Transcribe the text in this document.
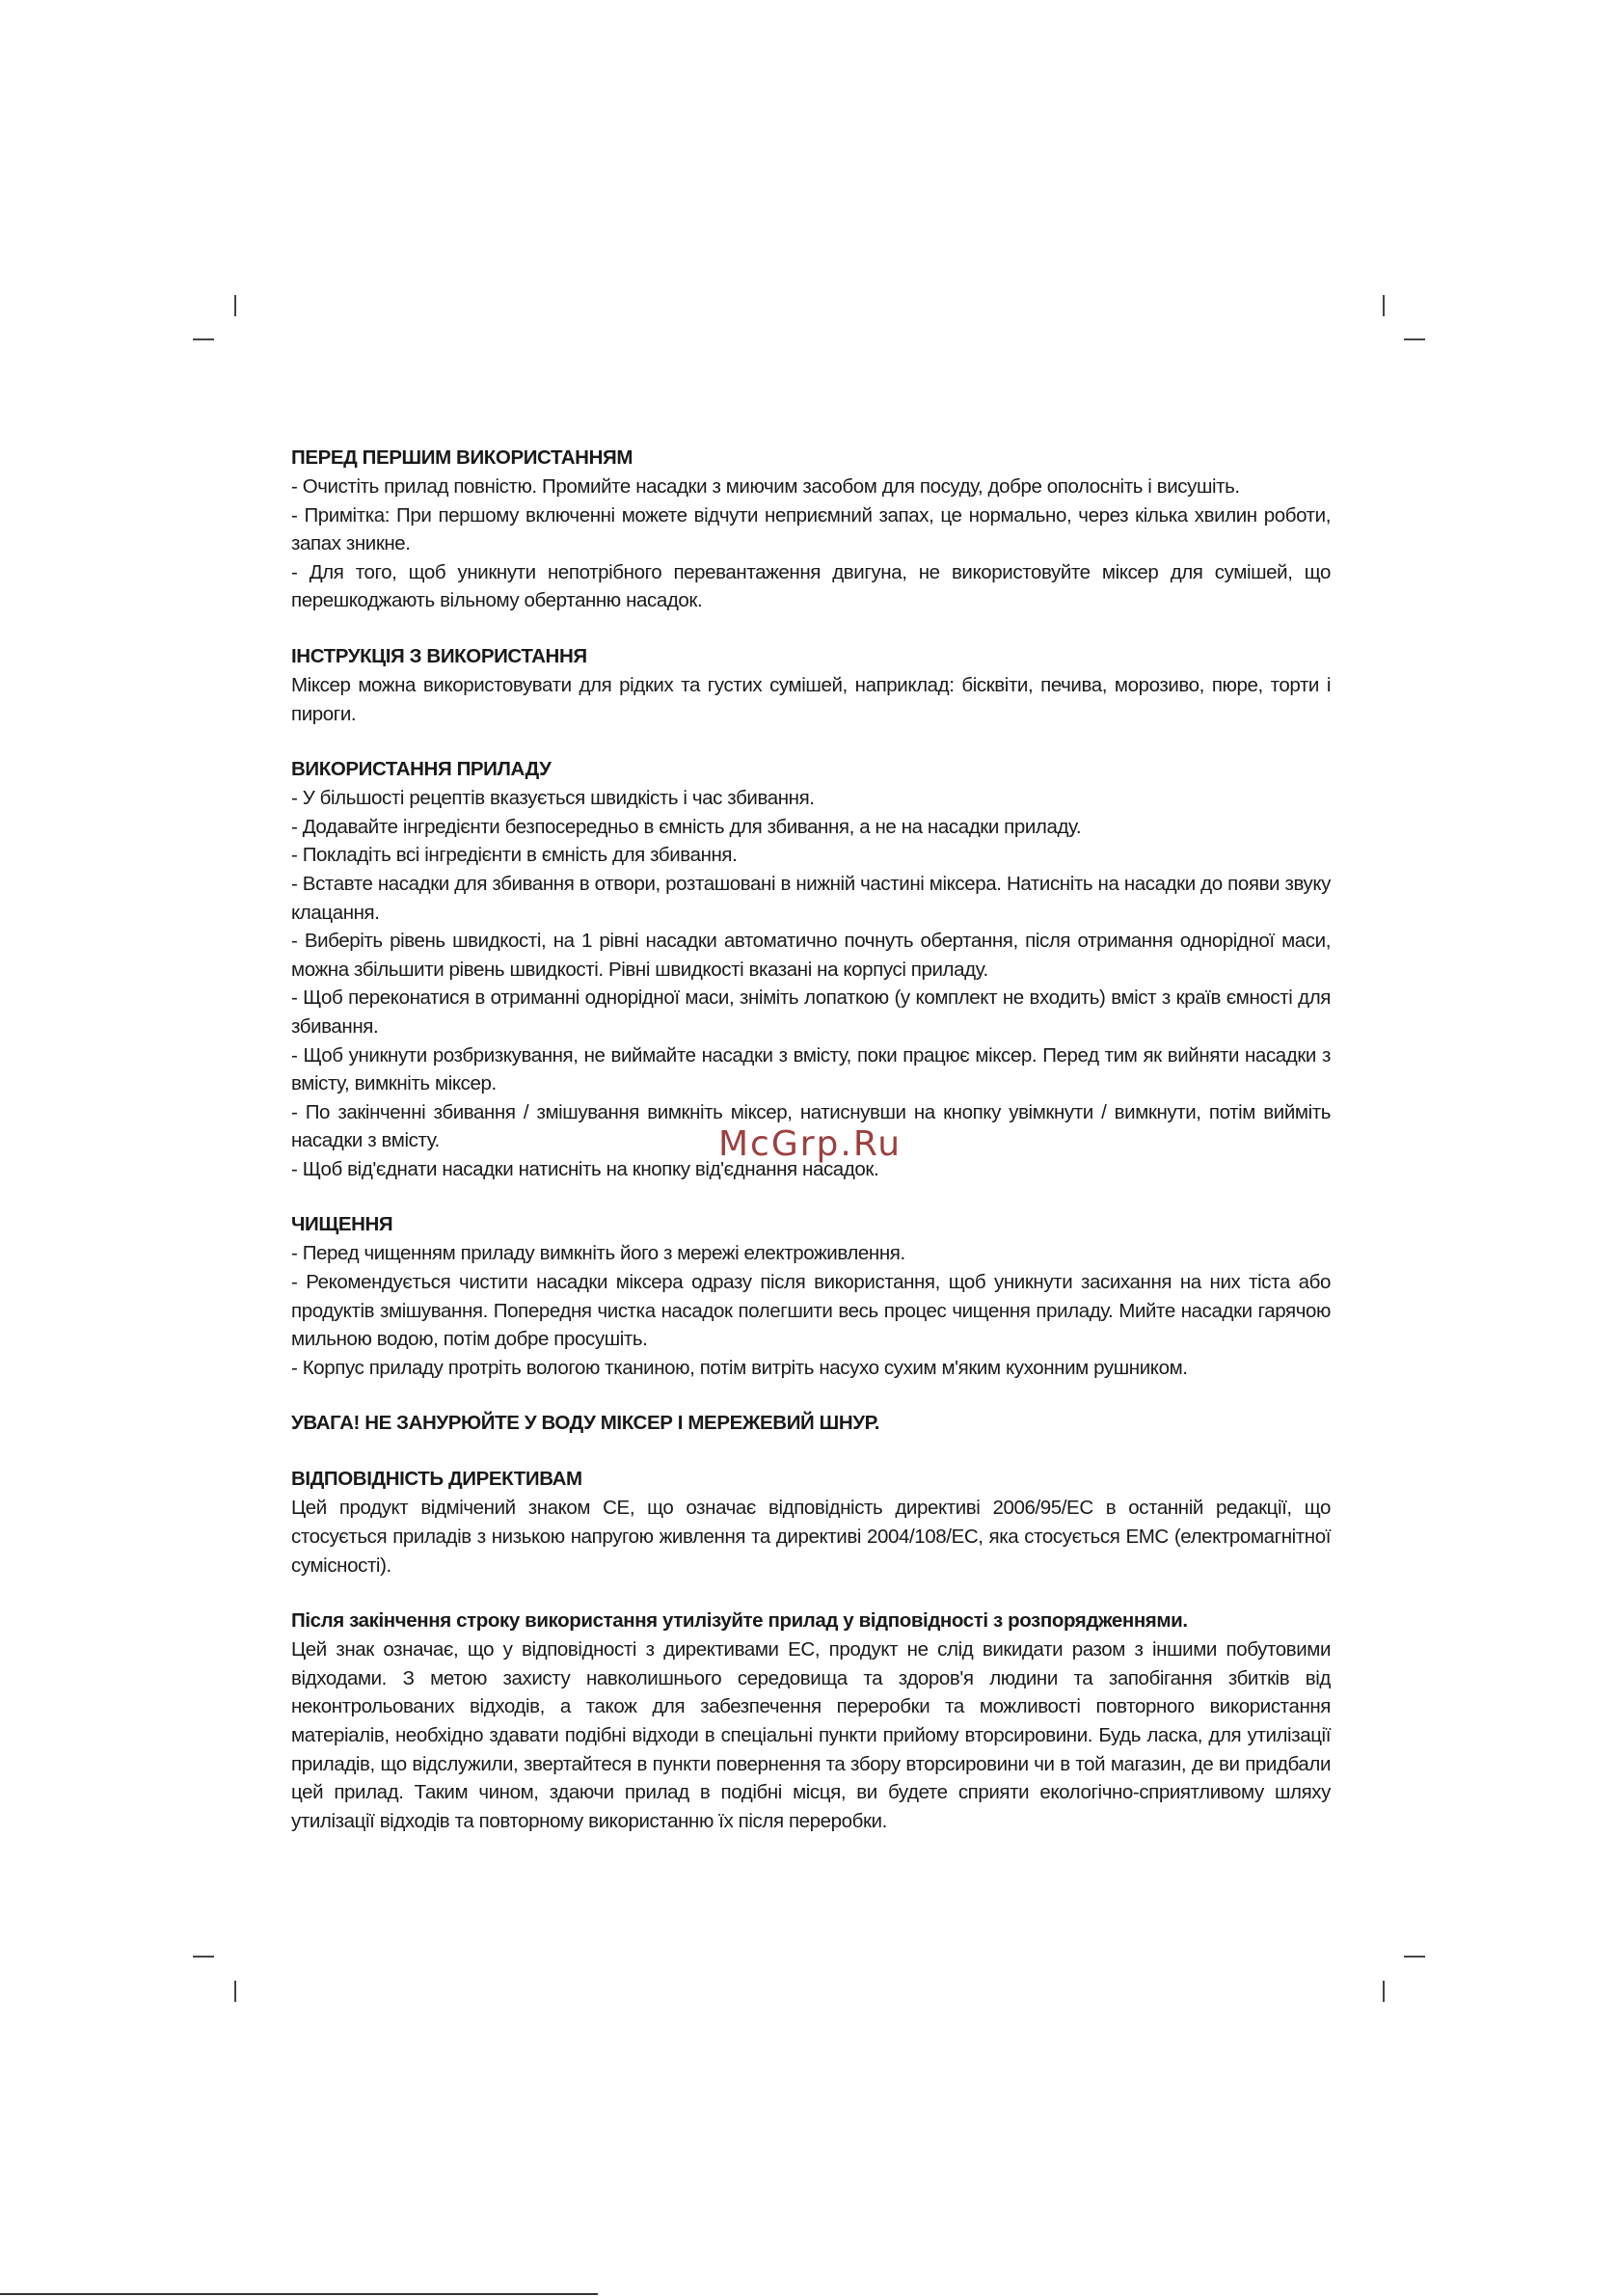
ПЕРЕД ПЕРШИМ ВИКОРИСТАННЯМ

- Очистіть прилад повністю. Промийте насадки з миючим засобом для посуду, добре ополосніть і висушіть.

- Примітка: При першому включенні можете відчути неприємний запах, це нормально, через кілька хвилин роботи, запах зникне.

- Для того, щоб уникнути непотрібного перевантаження двигуна, не використовуйте міксер для сумішей, що перешкоджають вільному обертанню насадок.

ІНСТРУКЦІЯ З ВИКОРИСТАННЯ

Міксер можна використовувати для рідких та густих сумішей, наприклад: бісквіти, печива, морозиво, пюре, торти і пироги.

ВИКОРИСТАННЯ ПРИЛАДУ

- У більшості рецептів вказується швидкість і час збивання.

- Додавайте інгредієнти безпосередньо в ємність для збивання, а не на насадки приладу.

- Покладіть всі інгредієнти в ємність для збивання.

- Вставте насадки для збивання в отвори, розташовані в нижній частині міксера. Натисніть на насадки до появи звуку клацання.

- Виберіть рівень швидкості, на 1 рівні насадки автоматично почнуть обертання, після отримання однорідної маси, можна збільшити рівень швидкості. Рівні швидкості вказані на корпусі приладу.

- Щоб переконатися в отриманні однорідної маси, зніміть лопаткою (у комплект не входить) вміст з країв ємності для збивання.

- Щоб уникнути розбризкування, не виймайте насадки з вмісту, поки працює міксер. Перед тим як вийняти насадки з вмісту, вимкніть міксер.

- По закінченні збивання / змішування вимкніть міксер, натиснувши на кнопку увімкнути / вимкнути, потім вийміть насадки з вмісту.

- Щоб від'єднати насадки натисніть на кнопку від'єднання насадок.

ЧИЩЕННЯ

- Перед чищенням приладу вимкніть його з мережі електроживлення.

- Рекомендується чистити насадки міксера одразу після використання, щоб уникнути засихання на них тіста або продуктів змішування. Попередня чистка насадок полегшити весь процес чищення приладу. Мийте насадки гарячою мильною водою, потім добре просушіть.

- Корпус приладу протріть вологою тканиною, потім витріть насухо сухим м'яким кухонним рушником.

УВАГА! НЕ ЗАНУРЮЙТЕ У ВОДУ МІКСЕР І МЕРЕЖЕВИЙ ШНУР.

ВІДПОВІДНІСТЬ ДИРЕКТИВАМ

Цей продукт відмічений знаком СЕ, що означає відповідність директиві 2006/95/ЕС в останній редакції, що стосується приладів з низькою напругою живлення та директиві 2004/108/ЕС, яка стосується ЕМС (електромагнітної сумісності).

Після закінчення строку використання утилізуйте прилад у відповідності з розпорядженнями.

Цей знак означає, що у відповідності з директивами ЕС, продукт не слід викидати разом з іншими побутовими відходами. З метою захисту навколишнього середовища та здоров'я людини та запобігання збитків від неконтрольованих відходів, а також для забезпечення переробки та можливості повторного використання матеріалів, необхідно здавати подібні відходи в спеціальні пункти прийому вторсировини. Будь ласка, для утилізації приладів, що відслужили, звертайтеся в пункти повернення та збору вторсировини чи в той магазин, де ви придбали цей прилад. Таким чином, здаючи прилад в подібні місця, ви будете сприяти екологічно-сприятливому шляху утилізації відходів та повторному використанню їх після переробки.

McGrp.Ru
